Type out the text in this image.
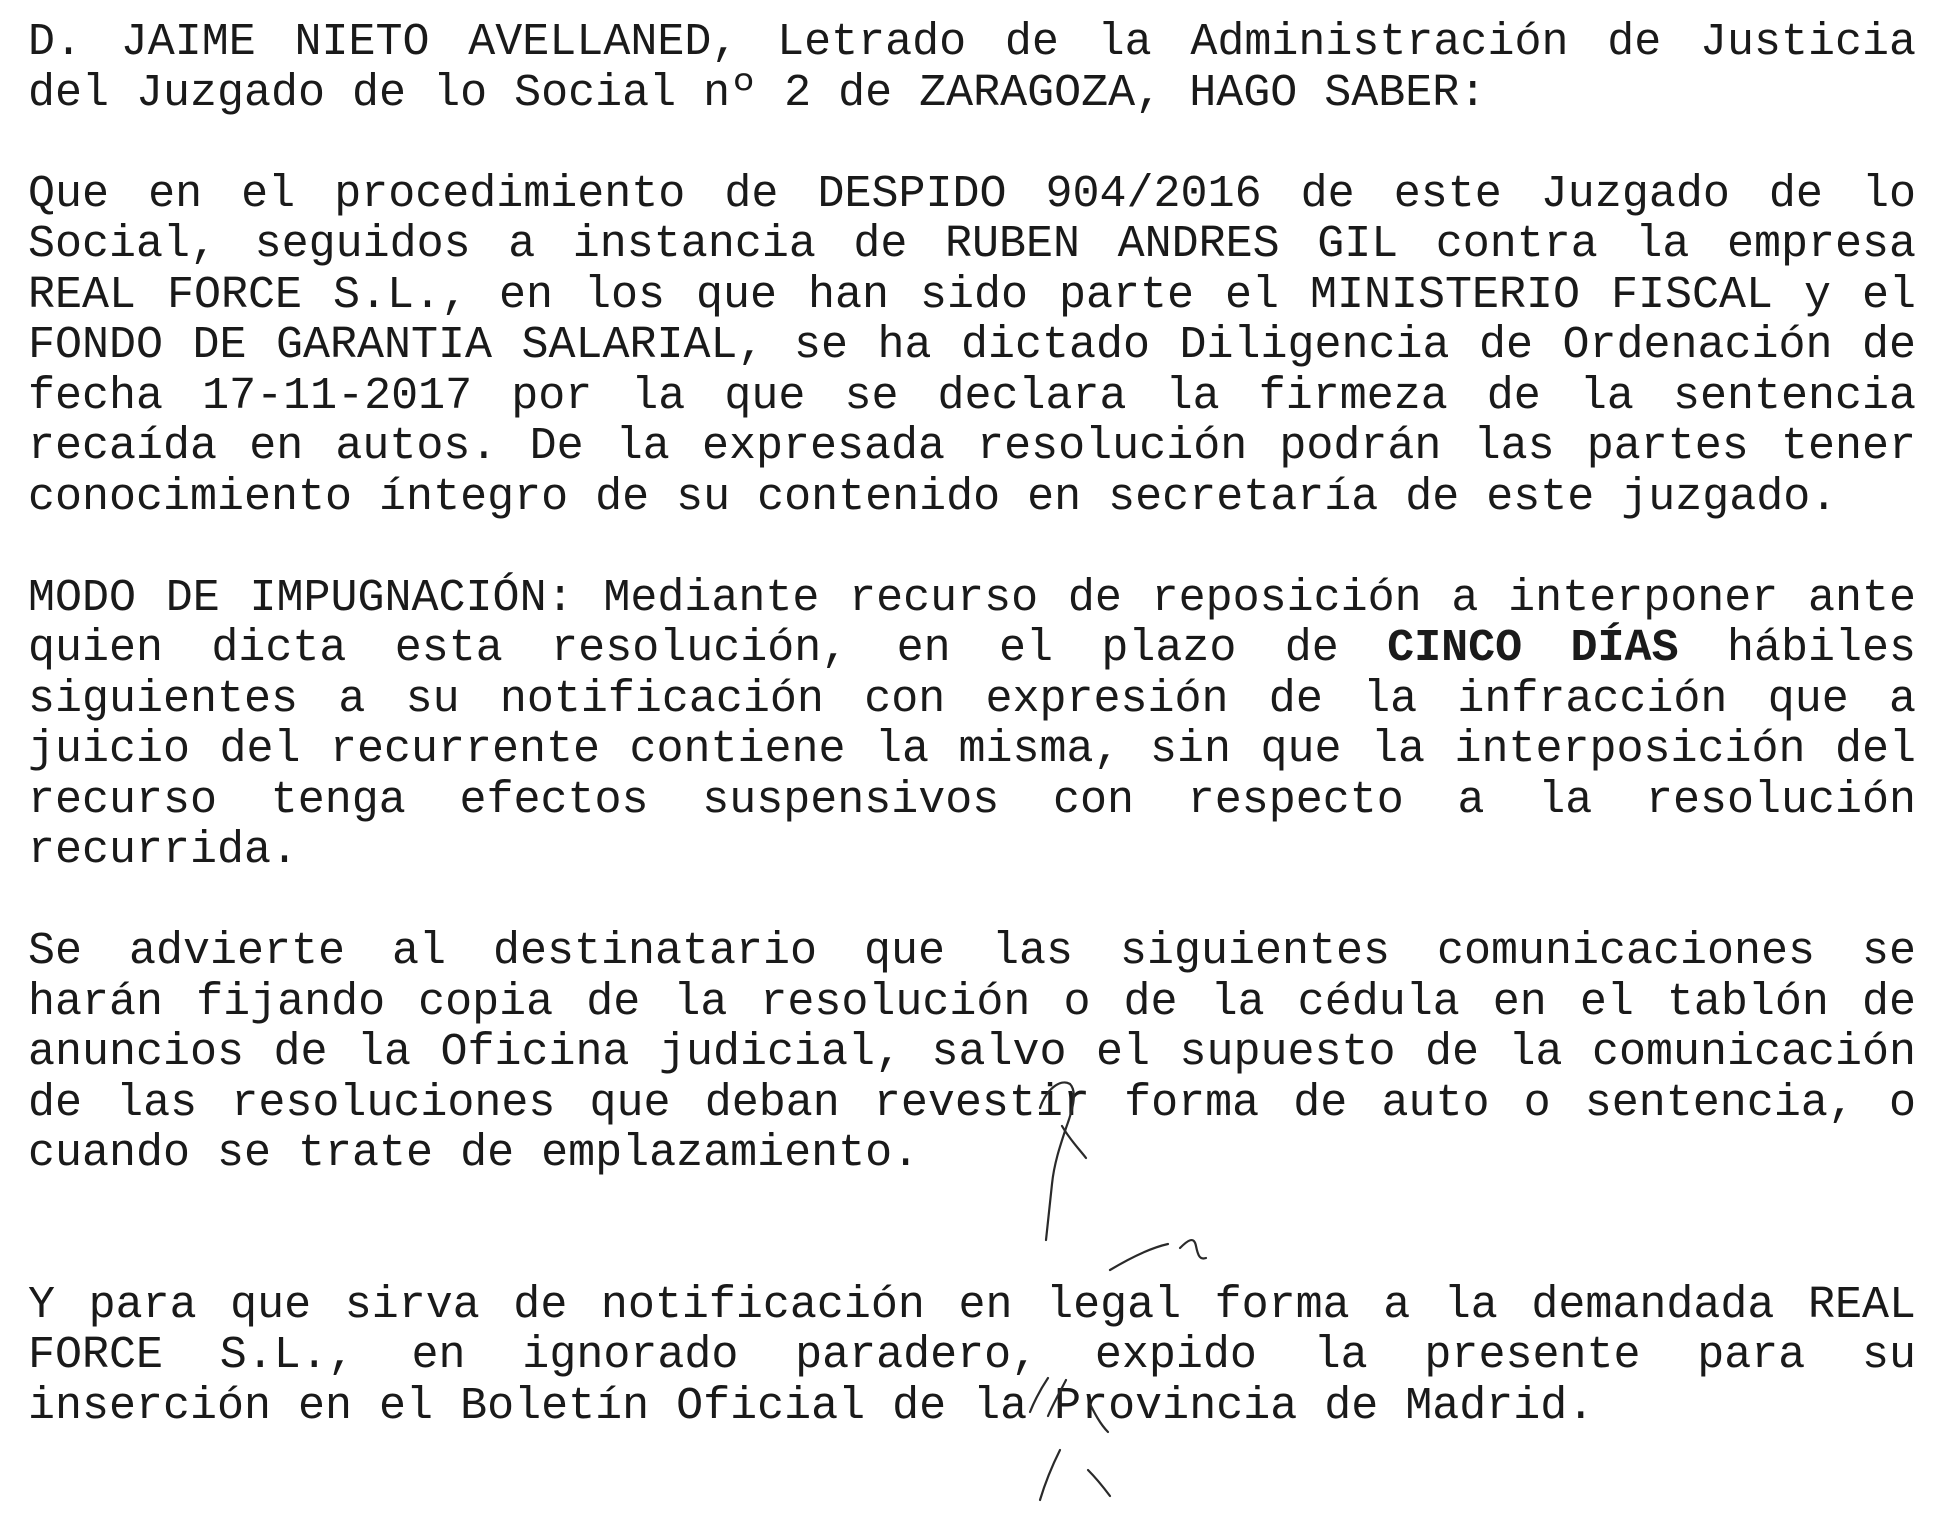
D. JAIME NIETO AVELLANED, Letrado de la Administración de Justicia del Juzgado de lo Social nº 2 de ZARAGOZA, HAGO SABER:

Que en el procedimiento de DESPIDO 904/2016 de este Juzgado de lo Social, seguidos a instancia de RUBEN ANDRES GIL contra la empresa REAL FORCE S.L., en los que han sido parte el MINISTERIO FISCAL y el FONDO DE GARANTIA SALARIAL, se ha dictado Diligencia de Ordenación de fecha 17-11-2017 por la que se declara la firmeza de la sentencia recaída en autos. De la expresada resolución podrán las partes tener conocimiento íntegro de su contenido en secretaría de este juzgado.

MODO DE IMPUGNACIÓN: Mediante recurso de reposición a interponer ante quien dicta esta resolución, en el plazo de CINCO DÍAS hábiles siguientes a su notificación con expresión de la infracción que a juicio del recurrente contiene la misma, sin que la interposición del recurso tenga efectos suspensivos con respecto a la resolución recurrida.

Se advierte al destinatario que las siguientes comunicaciones se harán fijando copia de la resolución o de la cédula en el tablón de anuncios de la Oficina judicial, salvo el supuesto de la comunicación de las resoluciones que deban revestir forma de auto o sentencia, o cuando se trate de emplazamiento.

Y para que sirva de notificación en legal forma a la demandada REAL FORCE S.L., en ignorado paradero, expido la presente para su inserción en el Boletín Oficial de la Provincia de Madrid.
